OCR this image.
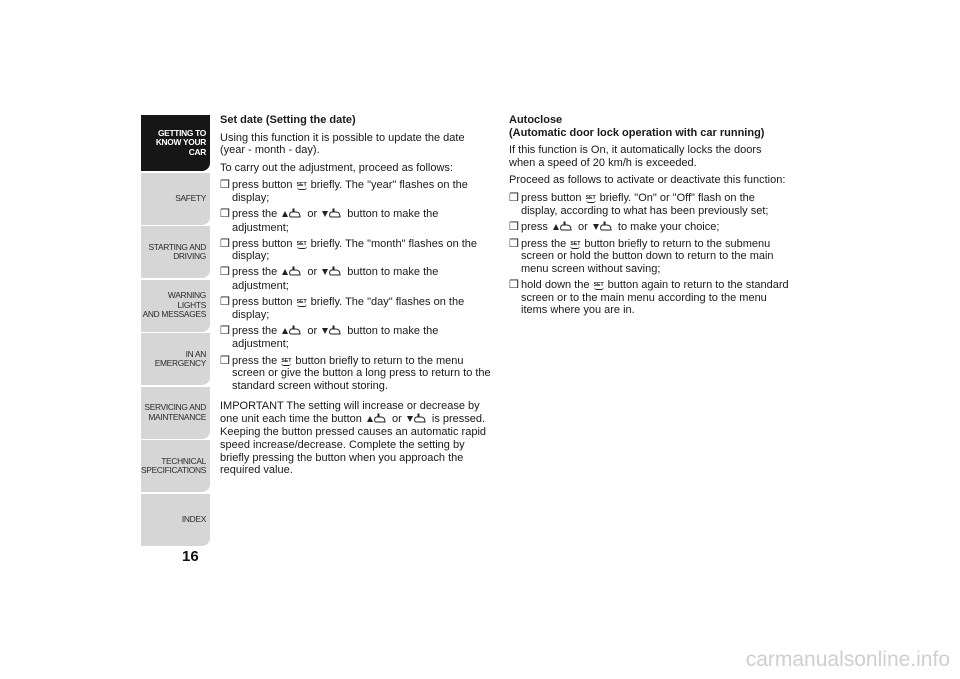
GETTING TO
KNOW YOUR CAR
SAFETY
STARTING AND
DRIVING
WARNING LIGHTS
AND MESSAGES
IN AN EMERGENCY
SERVICING AND
MAINTENANCE
TECHNICAL
SPECIFICATIONS
INDEX
16
Set date (Setting the date)
Using this function it is possible to update the date (year - month - day).
To carry out the adjustment, proceed as follows:
❒ press button SET briefly. The "year" flashes on the display;
❒ press the  or  button to make the adjustment;
❒ press button SET briefly. The "month" flashes on the display;
❒ press the  or  button to make the adjustment;
❒ press button SET briefly. The "day" flashes on the display;
❒ press the  or  button to make the adjustment;
❒ press the SET button briefly to return to the menu screen or give the button a long press to return to the standard screen without storing.
IMPORTANT The setting will increase or decrease by one unit each time the button  or  is pressed. Keeping the button pressed causes an automatic rapid speed increase/decrease. Complete the setting by briefly pressing the button when you approach the required value.
Autoclose
(Automatic door lock operation with car running)
If this function is On, it automatically locks the doors when a speed of 20 km/h is exceeded.
Proceed as follows to activate or deactivate this function:
❒ press button SET briefly. "On" or "Off" flash on the display, according to what has been previously set;
❒ press  or  to make your choice;
❒ press the SET button briefly to return to the submenu screen or hold the button down to return to the main menu screen without saving;
❒ hold down the SET button again to return to the standard screen or to the main menu according to the menu items where you are in.
carmanualsonline.info
